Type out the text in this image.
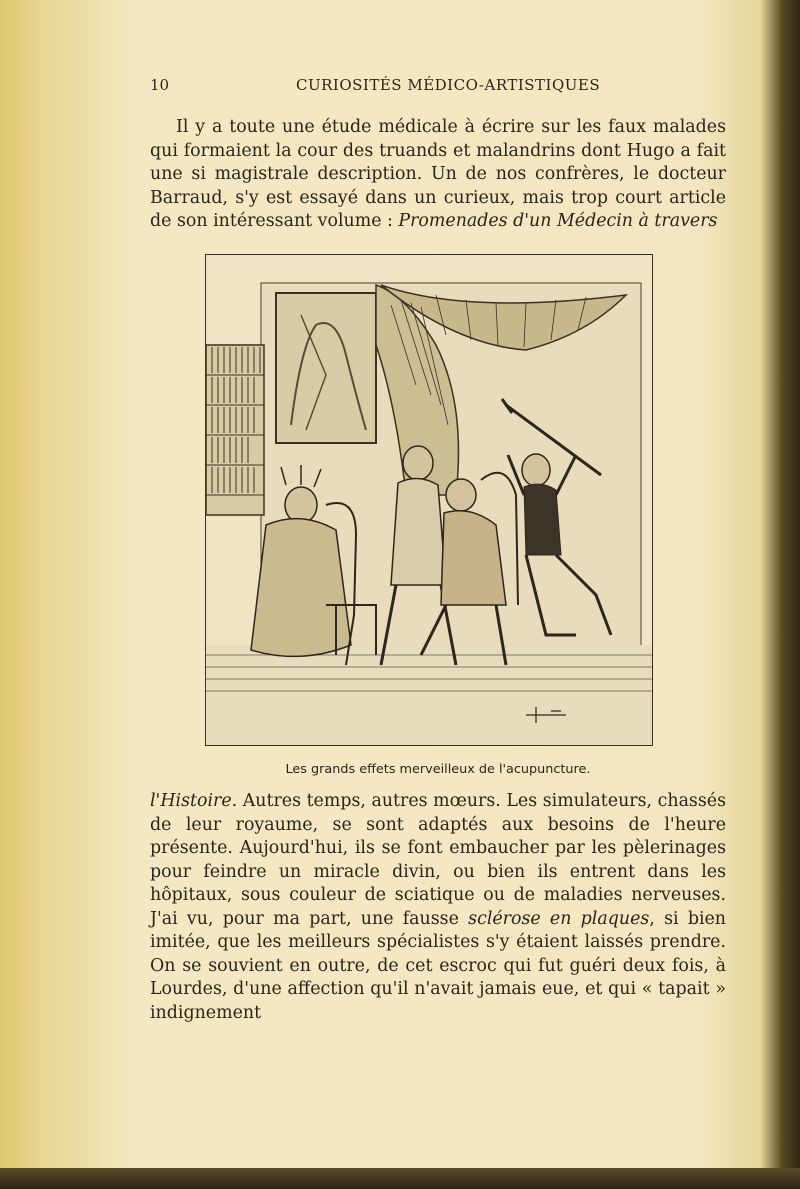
10	CURIOSITÉS MÉDICO-ARTISTIQUES

Il y a toute une étude médicale à écrire sur les faux malades qui formaient la cour des truands et malandrins dont Hugo a fait une si magistrale description. Un de nos confrères, le docteur Barraud, s'y est essayé dans un curieux, mais trop court article de son intéressant volume : Promenades d'un Médecin à travers

Les grands effets merveilleux de l'acupuncture.

l'Histoire. Autres temps, autres mœurs. Les simulateurs, chassés de leur royaume, se sont adaptés aux besoins de l'heure présente. Aujourd'hui, ils se font embaucher par les pèlerinages pour feindre un miracle divin, ou bien ils entrent dans les hôpitaux, sous couleur de sciatique ou de maladies nerveuses. J'ai vu, pour ma part, une fausse sclérose en plaques, si bien imitée, que les meilleurs spécialistes s'y étaient laissés prendre. On se souvient en outre, de cet escroc qui fut guéri deux fois, à Lourdes, d'une affection qu'il n'avait jamais eue, et qui « tapait » indignement
